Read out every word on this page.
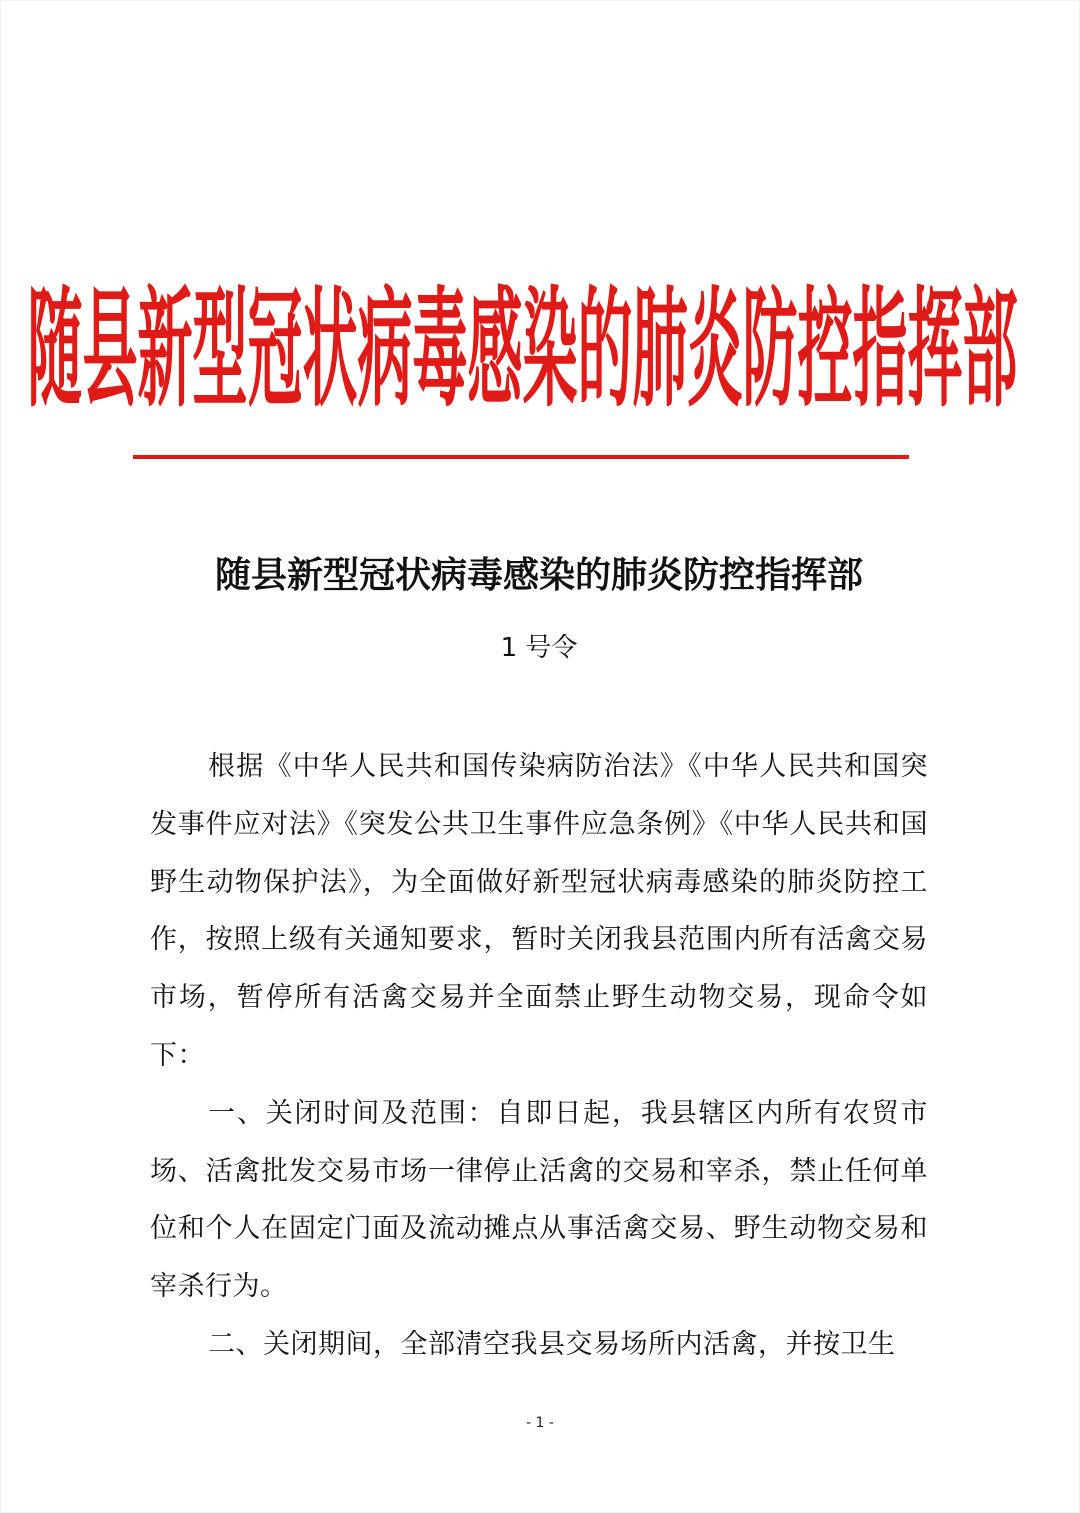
随县新型冠状病毒感染的肺炎防控指挥部
随县新型冠状病毒感染的肺炎防控指挥部
1 号令

根据《中华人民共和国传染病防治法》《中华人民共和国突发事件应对法》《突发公共卫生事件应急条例》《中华人民共和国野生动物保护法》，为全面做好新型冠状病毒感染的肺炎防控工作，按照上级有关通知要求，暂时关闭我县范围内所有活禽交易市场，暂停所有活禽交易并全面禁止野生动物交易，现命令如下：

一、关闭时间及范围：自即日起，我县辖区内所有农贸市场、活禽批发交易市场一律停止活禽的交易和宰杀，禁止任何单位和个人在固定门面及流动摊点从事活禽交易、野生动物交易和宰杀行为。

二、关闭期间，全部清空我县交易场所内活禽，并按卫生

- 1 -
